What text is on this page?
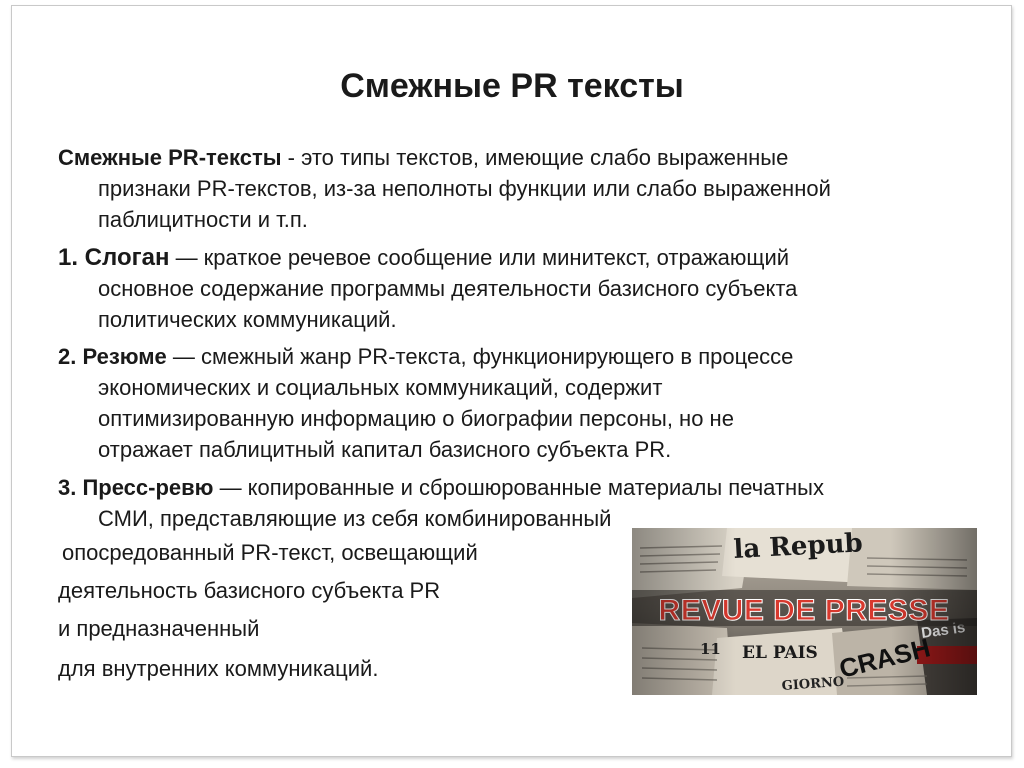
Смежные PR тексты
Смежные PR-тексты - это типы текстов, имеющие слабо выраженные
признаки PR-текстов, из-за неполноты функции или слабо выраженной
паблицитности и т.п.
1. Слоган — краткое речевое сообщение или минитекст, отражающий
основное содержание программы деятельности базисного субъекта
политических коммуникаций.
2. Резюме — смежный жанр PR-текста, функционирующего в процессе
экономических и социальных коммуникаций, содержит
оптимизированную информацию о биографии персоны, но не
отражает паблицитный капитал базисного субъекта PR.
3. Пресс-ревю — копированные и сброшюрованные материалы печатных
СМИ, представляющие из себя комбинированный
опосредованный PR-текст, освещающий
деятельность базисного субъекта PR
и предназначенный
для внутренних коммуникаций.
